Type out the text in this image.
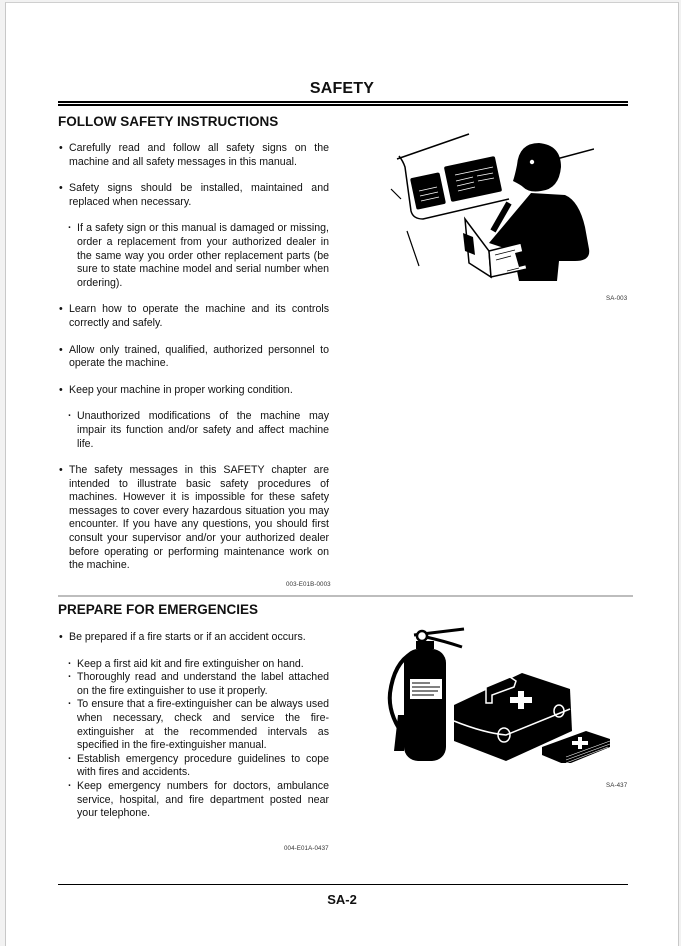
SAFETY
FOLLOW SAFETY INSTRUCTIONS

• Carefully read and follow all safety signs on the machine and all safety messages in this manual.

• Safety signs should be installed, maintained and replaced when necessary.

· If a safety sign or this manual is damaged or missing, order a replacement from your authorized dealer in the same way you order other replacement parts (be sure to state machine model and serial number when ordering).

• Learn how to operate the machine and its controls correctly and safely.

• Allow only trained, qualified, authorized personnel to operate the machine.

• Keep your machine in proper working condition.

· Unauthorized modifications of the machine may impair its function and/or safety and affect machine life.

• The safety messages in this SAFETY chapter are intended to illustrate basic safety procedures of machines. However it is impossible for these safety messages to cover every hazardous situation you may encounter. If you have any questions, you should first consult your supervisor and/or your authorized dealer before operating or performing maintenance work on the machine.

003-E01B-0003
SA-003
PREPARE FOR EMERGENCIES

• Be prepared if a fire starts or if an accident occurs.

· Keep a first aid kit and fire extinguisher on hand.

· Thoroughly read and understand the label attached on the fire extinguisher to use it properly.

· To ensure that a fire-extinguisher can be always used when necessary, check and service the fire-extinguisher at the recommended intervals as specified in the fire-extinguisher manual.

· Establish emergency procedure guidelines to cope with fires and accidents.

· Keep emergency numbers for doctors, ambulance service, hospital, and fire department posted near your telephone.

004-E01A-0437
SA-437
SA-2
